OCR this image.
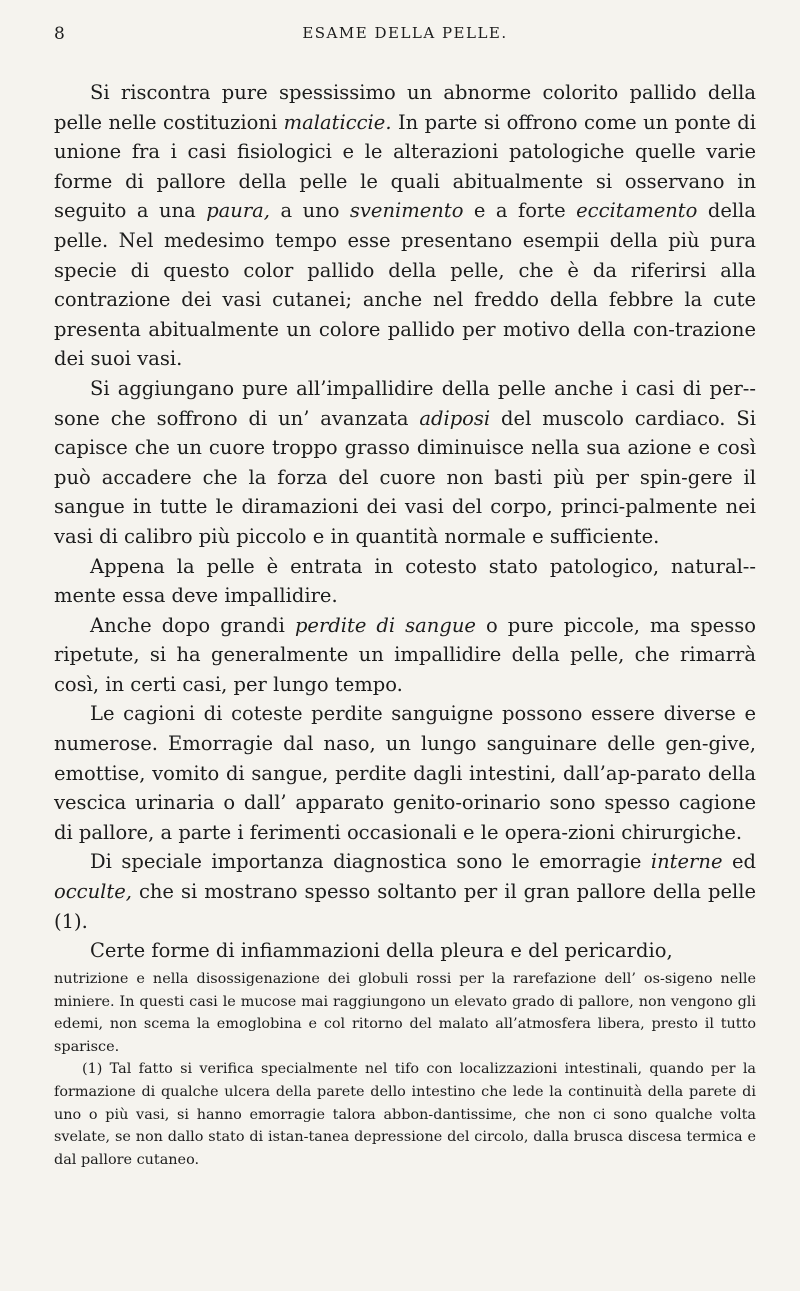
8	ESAME DELLA PELLE.

Si riscontra pure spessissimo un abnorme colorito pallido della pelle nelle costituzioni malaticcie. In parte si offrono come un ponte di unione fra i casi fisiologici e le alterazioni patologiche quelle varie forme di pallore della pelle le quali abitualmente si osservano in seguito a una paura, a uno svenimento e a forte eccitamento della pelle. Nel medesimo tempo esse presentano esempii della più pura specie di questo color pallido della pelle, che è da riferirsi alla contrazione dei vasi cutanei; anche nel freddo della febbre la cute presenta abitualmente un colore pallido per motivo della con-trazione dei suoi vasi.

Si aggiungano pure all’impallidire della pelle anche i casi di per-sone che soffrono di un’ avanzata adiposi del muscolo cardiaco. Si capisce che un cuore troppo grasso diminuisce nella sua azione e così può accadere che la forza del cuore non basti più per spin-gere il sangue in tutte le diramazioni dei vasi del corpo, princi-palmente nei vasi di calibro più piccolo e in quantità normale e sufficiente.

Appena la pelle è entrata in cotesto stato patologico, natural-mente essa deve impallidire.

Anche dopo grandi perdite di sangue o pure piccole, ma spesso ripetute, si ha generalmente un impallidire della pelle, che rimarrà così, in certi casi, per lungo tempo.

Le cagioni di coteste perdite sanguigne possono essere diverse e numerose. Emorragie dal naso, un lungo sanguinare delle gen-give, emottise, vomito di sangue, perdite dagli intestini, dall’ap-parato della vescica urinaria o dall’ apparato genito-orinario sono spesso cagione di pallore, a parte i ferimenti occasionali e le opera-zioni chirurgiche.

Di speciale importanza diagnostica sono le emorragie interne ed occulte, che si mostrano spesso soltanto per il gran pallore della pelle (1).

Certe forme di infiammazioni della pleura e del pericardio,

nutrizione e nella disossigenazione dei globuli rossi per la rarefazione dell’ os-sigeno nelle miniere. In questi casi le mucose mai raggiungono un elevato grado di pallore, non vengono gli edemi, non scema la emoglobina e col ritorno del malato all’atmosfera libera, presto il tutto sparisce.

(1) Tal fatto si verifica specialmente nel tifo con localizzazioni intestinali, quando per la formazione di qualche ulcera della parete dello intestino che lede la continuità della parete di uno o più vasi, si hanno emorragie talora abbon-dantissime, che non ci sono qualche volta svelate, se non dallo stato di istan-tanea depressione del circolo, dalla brusca discesa termica e dal pallore cutaneo.
